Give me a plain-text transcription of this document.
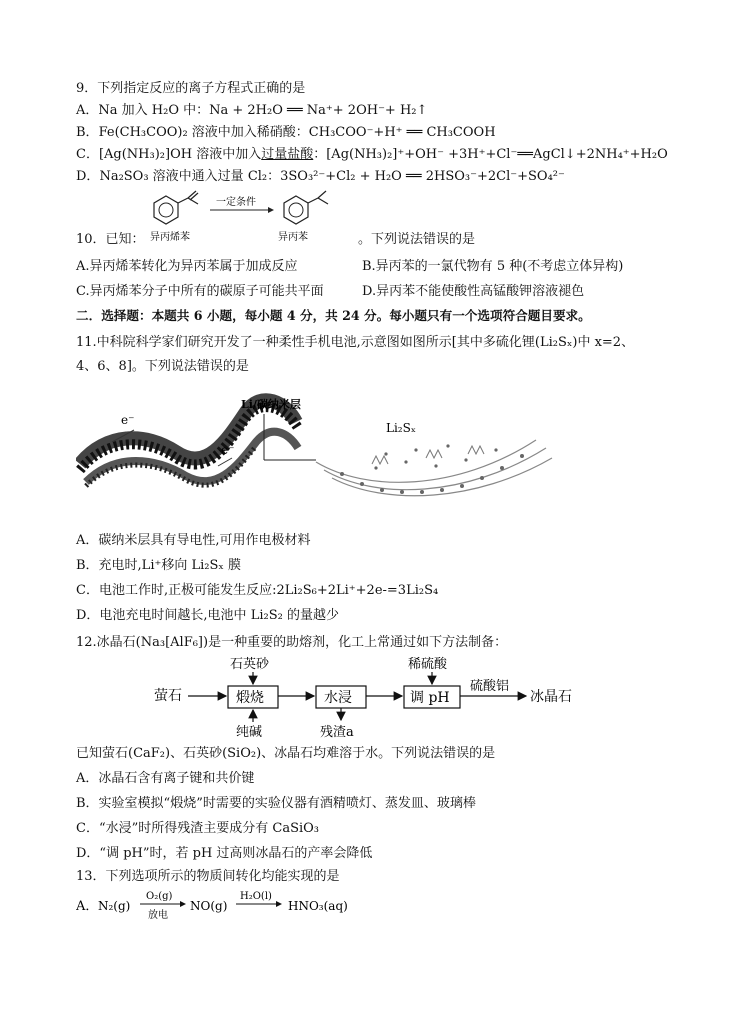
9．下列指定反应的离子方程式正确的是
A．Na 加入 H₂O 中：Na + 2H₂O ══ Na⁺+ 2OH⁻+ H₂↑
B．Fe(CH₃COO)₂ 溶液中加入稀硝酸：CH₃COO⁻+H⁺ ══ CH₃COOH
C．[Ag(NH₃)₂]OH 溶液中加入过量盐酸：[Ag(NH₃)₂]⁺+OH⁻ +3H⁺+Cl⁻══AgCl↓+2NH₄⁺+H₂O
D．Na₂SO₃ 溶液中通入过量 Cl₂：3SO₃²⁻+Cl₂ + H₂O ══ 2HSO₃⁻+2Cl⁻+SO₄²⁻
10．已知： 异丙烯苯
一定条件
异丙苯	。下列说法错误的是
A.异丙烯苯转化为异丙苯属于加成反应	B.异丙苯的一氯代物有 5 种(不考虑立体异构)
C.异丙烯苯分子中所有的碳原子可能共平面	D.异丙苯不能使酸性高锰酸钾溶液褪色
二．选择题：本题共 6 小题，每小题 4 分，共 24 分。每小题只有一个选项符合题目要求。
11.中科院科学家们研究开发了一种柔性手机电池,示意图如图所示[其中多硫化锂(Li₂Sₓ)中 x=2、
4、6、8]。下列说法错误的是
e⁻
e⁻
Li/碳纳米层
Li₂Sₓ
A．碳纳米层具有导电性,可用作电极材料
B．充电时,Li⁺移向 Li₂Sₓ 膜
C．电池工作时,正极可能发生反应:2Li₂S₆+2Li⁺+2e-=3Li₂S₄
D．电池充电时间越长,电池中 Li₂S₂ 的量越少
12.冰晶石(Na₃[AlF₆])是一种重要的助熔剂，化工上常通过如下方法制备：
萤石	煅烧
石英砂
纯碱
水浸
残渣a
调 pH
稀硫酸
硫酸铝
冰晶石
已知萤石(CaF₂)、石英砂(SiO₂)、冰晶石均难溶于水。下列说法错误的是
A．冰晶石含有离子键和共价键
B．实验室模拟“煅烧”时需要的实验仪器有酒精喷灯、蒸发皿、玻璃棒
C．“水浸”时所得残渣主要成分有 CaSiO₃
D．“调 pH”时，若 pH 过高则冰晶石的产率会降低
13．下列选项所示的物质间转化均能实现的是
A． N₂(g)
O₂(g)
放电
NO(g)
H₂O(l)
HNO₃(aq)
